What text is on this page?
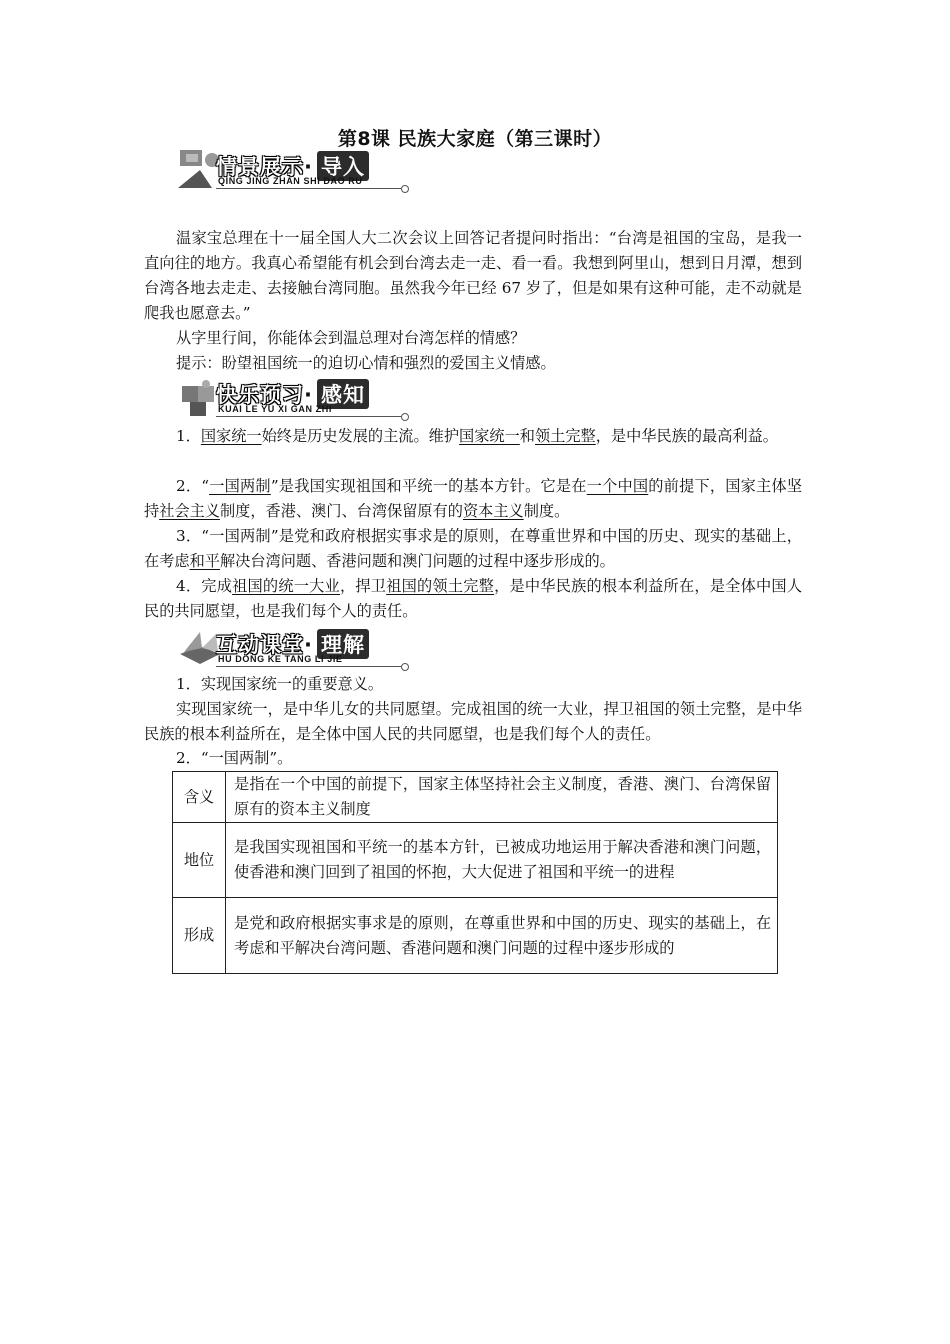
第8课 民族大家庭（第三课时）
情景展示· 导入
QING JING ZHAN SHI DAO RU
温家宝总理在十一届全国人大二次会议上回答记者提问时指出：“台湾是祖国的宝岛，是我一直向往的地方。我真心希望能有机会到台湾去走一走、看一看。我想到阿里山，想到日月潭，想到台湾各地去走走、去接触台湾同胞。虽然我今年已经 67 岁了，但是如果有这种可能，走不动就是爬我也愿意去。”
从字里行间，你能体会到温总理对台湾怎样的情感？
提示：盼望祖国统一的迫切心情和强烈的爱国主义情感。
快乐预习· 感知
KUAI LE YU XI GAN ZHI
1．国家统一始终是历史发展的主流。维护国家统一和领土完整，是中华民族的最高利益。
2．“一国两制”是我国实现祖国和平统一的基本方针。它是在一个中国的前提下，国家主体坚持社会主义制度，香港、澳门、台湾保留原有的资本主义制度。
3．“一国两制”是党和政府根据实事求是的原则，在尊重世界和中国的历史、现实的基础上，在考虑和平解决台湾问题、香港问题和澳门问题的过程中逐步形成的。
4．完成祖国的统一大业，捍卫祖国的领土完整，是中华民族的根本利益所在，是全体中国人民的共同愿望，也是我们每个人的责任。
互动课堂· 理解
HU DONG KE TANG LI JIE
1．实现国家统一的重要意义。
实现国家统一，是中华儿女的共同愿望。完成祖国的统一大业，捍卫祖国的领土完整，是中华民族的根本利益所在，是全体中国人民的共同愿望，也是我们每个人的责任。
2．“一国两制”。
含义	是指在一个中国的前提下，国家主体坚持社会主义制度，香港、澳门、台湾保留原有的资本主义制度
地位	是我国实现祖国和平统一的基本方针，已被成功地运用于解决香港和澳门问题，使香港和澳门回到了祖国的怀抱，大大促进了祖国和平统一的进程
形成	是党和政府根据实事求是的原则，在尊重世界和中国的历史、现实的基础上，在考虑和平解决台湾问题、香港问题和澳门问题的过程中逐步形成的
